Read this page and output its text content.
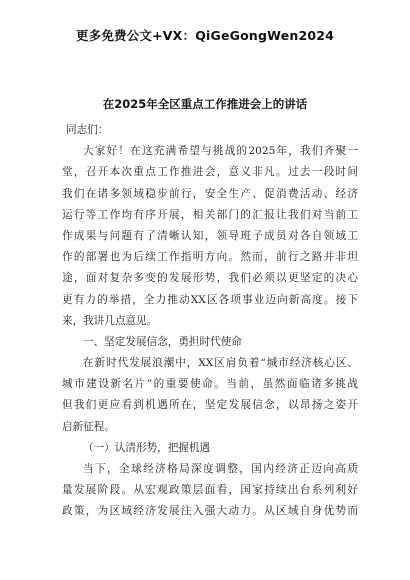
更多免费公文+VX：QiGeGongWen2024
在2025年全区重点工作推进会上的讲话
同志们：
大家好！在这充满希望与挑战的2025年，我们齐聚一
堂，召开本次重点工作推进会，意义非凡。过去一段时间
我们在诸多领域稳步前行，安全生产、促消费活动、经济
运行等工作均有序开展，相关部门的汇报让我们对当前工
作成果与问题有了清晰认知，领导班子成员对各自领域工
作的部署也为后续工作指明方向。然而，前行之路并非坦
途，面对复杂多变的发展形势，我们必须以更坚定的决心
更有力的举措，全力推动XX区各项事业迈向新高度。接下
来，我讲几点意见。
一、坚定发展信念，勇担时代使命
在新时代发展浪潮中，XX区肩负着“城市经济核心区、
城市建设新名片”的重要使命。当前，虽然面临诸多挑战
但我们更应看到机遇所在，坚定发展信念，以昂扬之姿开
启新征程。
（一）认清形势，把握机遇
当下，全球经济格局深度调整，国内经济正迈向高质
量发展阶段。从宏观政策层面看，国家持续出台系列利好
政策，为区域经济发展注入强大动力。从区域自身优势而
